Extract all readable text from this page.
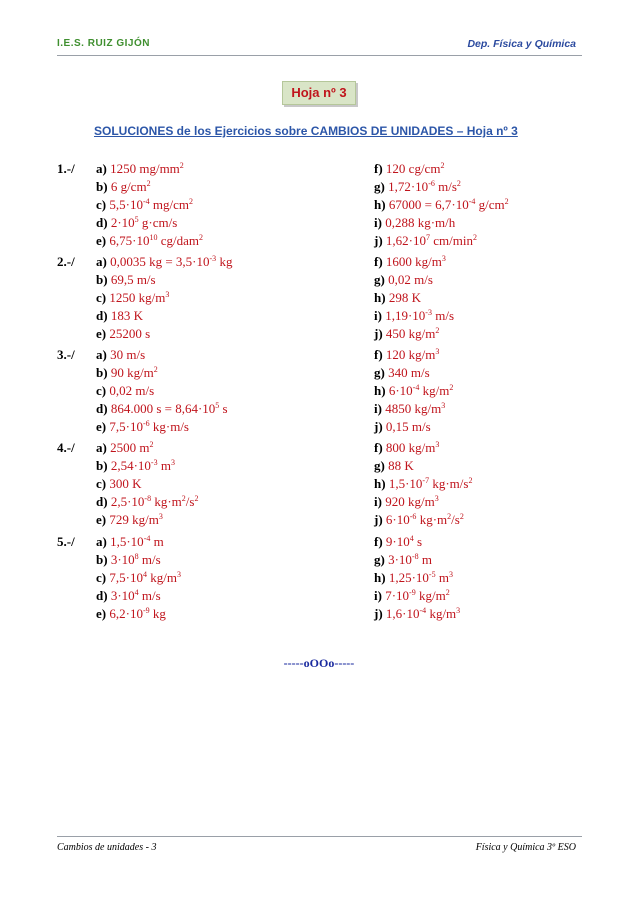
I.E.S. RUIZ GIJÓN	Dep. Física y Química
Hoja nº 3
SOLUCIONES de los Ejercicios sobre CAMBIOS DE UNIDADES – Hoja nº 3
1.-/ a) 1250 $mg/mm^2$
b) 6 $g/cm^2$
c) $5,5\cdot 10^{-4}$ $mg/cm^2$
d) $2\cdot 10^5$ g·cm/s
e) $6,75\cdot 10^{10}$ cg/dam$^2$
f) 120 $cg/cm^2$
g) $1,72\cdot 10^{-6}$ $m/s^2$
h) $67000 = 6,7\cdot 10^{-4}$ $g/cm^2$
i) 0,288 kg·m/h
j) $1,62\cdot 10^7$ $cm/\min^2$
2.-/ a) 0,0035 kg = $3,5\cdot 10^{-3}$ kg
b) 69,5 m/s
c) 1250 $kg/m^3$
d) 183 K
e) 25200 s
f) 1600 $kg/m^3$
g) 0,02 m/s
h) 298 K
i) $1,19\cdot 10^{-3}$ m/s
j) 450 $kg/m^2$
3.-/ a) 30 m/s
b) 90 $kg/m^2$
c) 0,02 m/s
d) 864.000 $s = 8,64\cdot 10^5$ s
e) $7,5\cdot 10^{-6}$ kg·m/s
f) 120 $kg/m^3$
g) 340 m/s
h) $6\cdot 10^{-4}$ $kg/m^2$
i) 4850 $kg/m^3$
j) 0,15 m/s
4.-/ a) 2500 $m^2$
b) $2,54\cdot 10^{-3}$ $m^3$
c) 300 K
d) $2,5\cdot 10^{-8}$ $kg\cdot m^2/s^2$
e) 729 $kg/m^3$
f) 800 $kg/m^3$
g) 88 K
h) $1,5\cdot 10^{-7}$ $kg\cdot m/s^2$
i) 920 $kg/m^3$
j) $6\cdot 10^{-6}$ $kg\cdot m^2/s^2$
5.-/ a) $1,5\cdot 10^{-4}$ m
b) $3\cdot 10^8$ m/s
c) $7,5\cdot 10^4$ $kg/m^3$
d) $3\cdot 10^4$ m/s
e) $6,2\cdot 10^{-9}$ kg
f) $9\cdot 10^4$ s
g) $3\cdot 10^{-8}$ m
h) $1,25\cdot 10^{-5}$ $m^3$
i) $7\cdot 10^{-9}$ $kg/m^2$
j) $1,6\cdot 10^{-4}$ $kg/m^3$
-----oOOo-----
Cambios de unidades - 3	Física y Química 3º ESO
